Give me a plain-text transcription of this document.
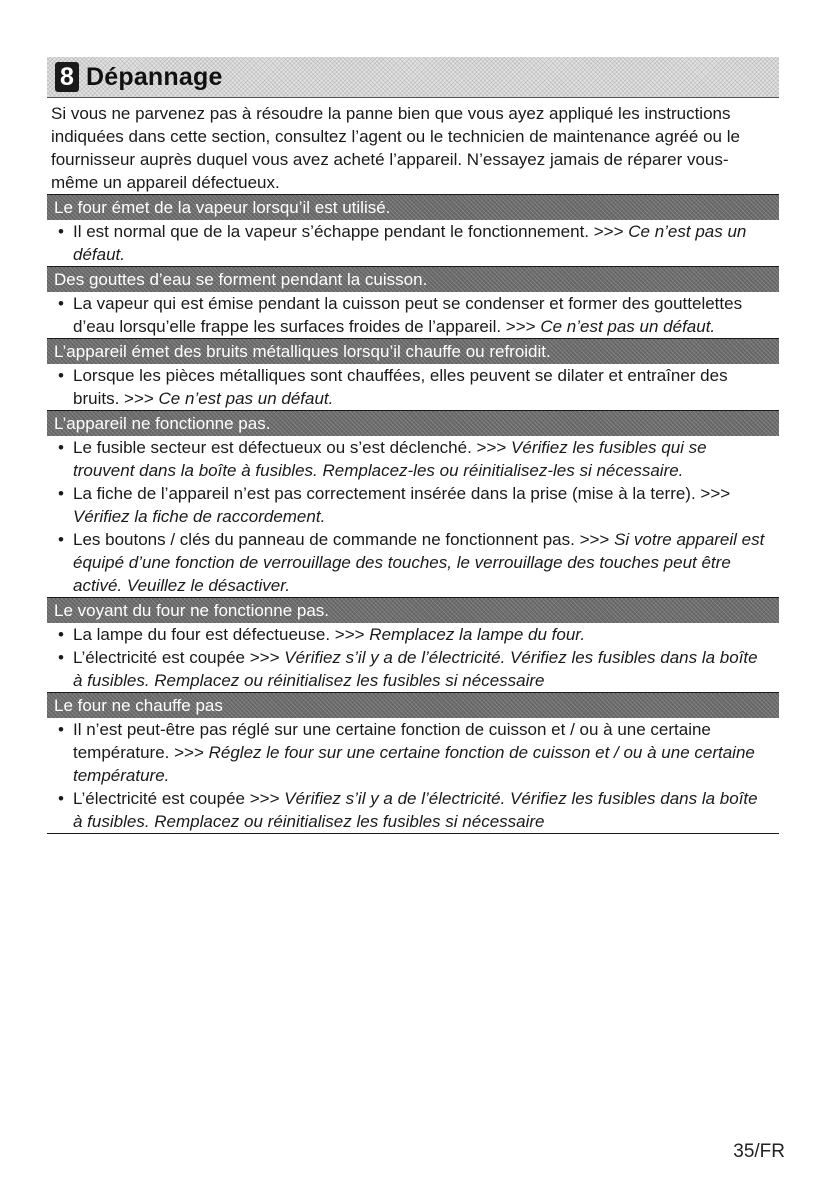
8 Dépannage

Si vous ne parvenez pas à résoudre la panne bien que vous ayez appliqué les instructions indiquées dans cette section, consultez l’agent ou le technicien de maintenance agréé ou le fournisseur auprès duquel vous avez acheté l’appareil. N’essayez jamais de réparer vous-même un appareil défectueux.

Le four émet de la vapeur lorsqu’il est utilisé.
• Il est normal que de la vapeur s’échappe pendant le fonctionnement. >>> Ce n’est pas un défaut.
Des gouttes d’eau se forment pendant la cuisson.
• La vapeur qui est émise pendant la cuisson peut se condenser et former des gouttelettes d’eau lorsqu’elle frappe les surfaces froides de l’appareil. >>> Ce n’est pas un défaut.
L’appareil émet des bruits métalliques lorsqu’il chauffe ou refroidit.
• Lorsque les pièces métalliques sont chauffées, elles peuvent se dilater et entraîner des bruits. >>> Ce n’est pas un défaut.
L’appareil ne fonctionne pas.
• Le fusible secteur est défectueux ou s’est déclenché. >>> Vérifiez les fusibles qui se trouvent dans la boîte à fusibles. Remplacez-les ou réinitialisez-les si nécessaire.
• La fiche de l’appareil n’est pas correctement insérée dans la prise (mise à la terre). >>> Vérifiez la fiche de raccordement.
• Les boutons / clés du panneau de commande ne fonctionnent pas. >>> Si votre appareil est équipé d’une fonction de verrouillage des touches, le verrouillage des touches peut être activé. Veuillez le désactiver.
Le voyant du four ne fonctionne pas.
• La lampe du four est défectueuse. >>> Remplacez la lampe du four.
• L’électricité est coupée >>> Vérifiez s’il y a de l’électricité. Vérifiez les fusibles dans la boîte à fusibles. Remplacez ou réinitialisez les fusibles si nécessaire
Le four ne chauffe pas
• Il n’est peut-être pas réglé sur une certaine fonction de cuisson et / ou à une certaine température. >>> Réglez le four sur une certaine fonction de cuisson et / ou à une certaine température.
• L’électricité est coupée >>> Vérifiez s’il y a de l’électricité. Vérifiez les fusibles dans la boîte à fusibles. Remplacez ou réinitialisez les fusibles si nécessaire
35/FR
